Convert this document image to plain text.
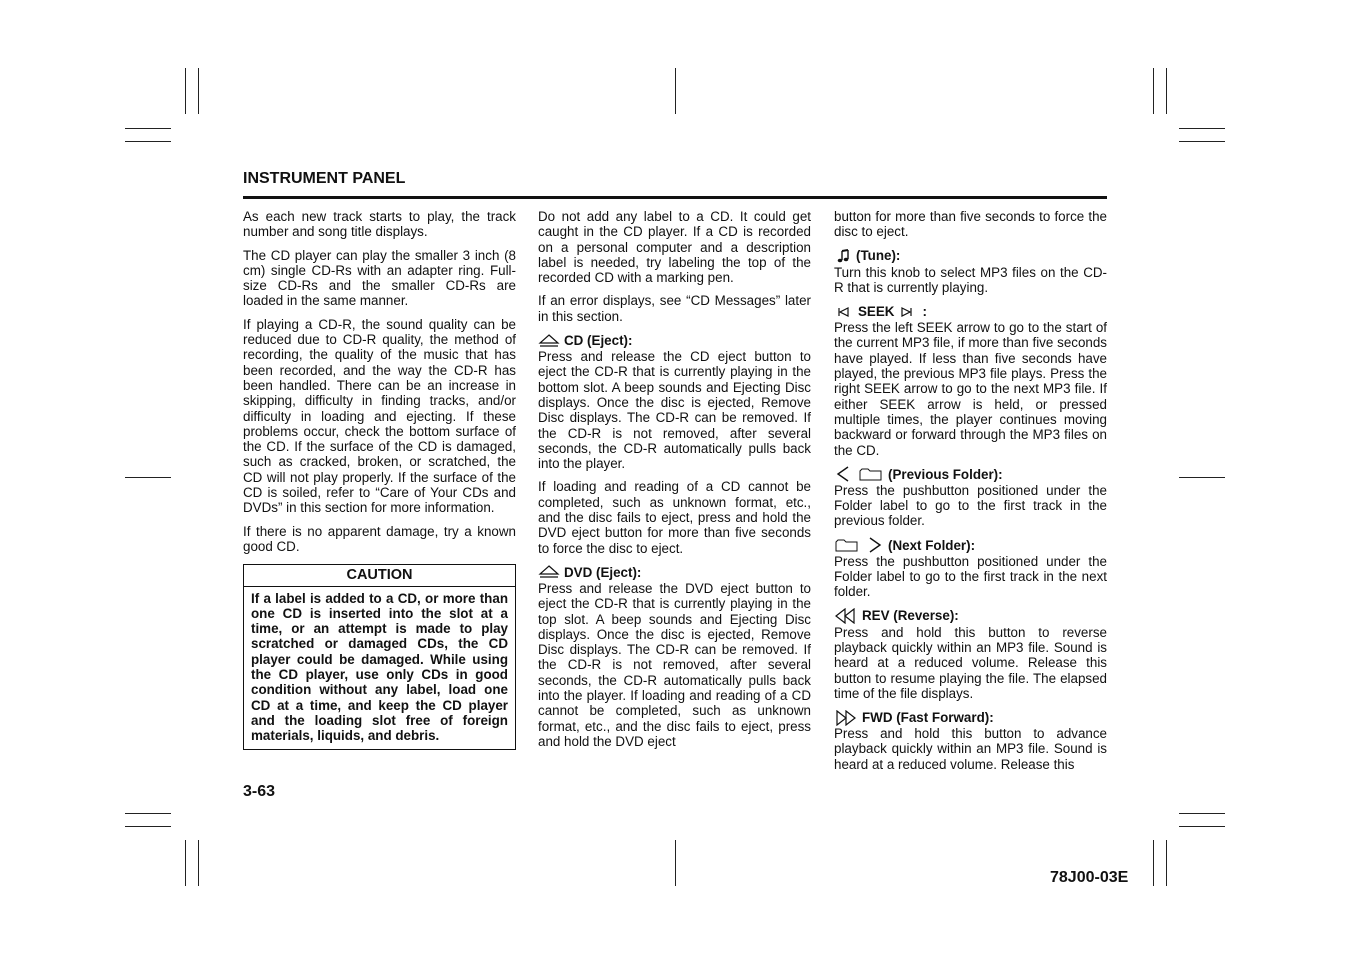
INSTRUMENT PANEL

As each new track starts to play, the track number and song title displays.

The CD player can play the smaller 3 inch (8 cm) single CD-Rs with an adapter ring. Full-size CD-Rs and the smaller CD-Rs are loaded in the same manner.

If playing a CD-R, the sound quality can be reduced due to CD-R quality, the method of recording, the quality of the music that has been recorded, and the way the CD-R has been handled. There can be an increase in skipping, difficulty in finding tracks, and/or difficulty in loading and ejecting. If these problems occur, check the bottom surface of the CD. If the surface of the CD is damaged, such as cracked, broken, or scratched, the CD will not play properly. If the surface of the CD is soiled, refer to “Care of Your CDs and DVDs” in this section for more information.

If there is no apparent damage, try a known good CD.

CAUTION
If a label is added to a CD, or more than one CD is inserted into the slot at a time, or an attempt is made to play scratched or damaged CDs, the CD player could be damaged. While using the CD player, use only CDs in good condition without any label, load one CD at a time, and keep the CD player and the loading slot free of foreign materials, liquids, and debris.

Do not add any label to a CD. It could get caught in the CD player. If a CD is recorded on a personal computer and a description label is needed, try labeling the top of the recorded CD with a marking pen.

If an error displays, see “CD Messages” later in this section.

CD (Eject):
Press and release the CD eject button to eject the CD-R that is currently playing in the bottom slot. A beep sounds and Ejecting Disc displays. Once the disc is ejected, Remove Disc displays. The CD-R can be removed. If the CD-R is not removed, after several seconds, the CD-R automatically pulls back into the player.

If loading and reading of a CD cannot be completed, such as unknown format, etc., and the disc fails to eject, press and hold the DVD eject button for more than five seconds to force the disc to eject.

DVD (Eject):
Press and release the DVD eject button to eject the CD-R that is currently playing in the top slot. A beep sounds and Ejecting Disc displays. Once the disc is ejected, Remove Disc displays. The CD-R can be removed. If the CD-R is not removed, after several seconds, the CD-R automatically pulls back into the player. If loading and reading of a CD cannot be completed, such as unknown format, etc., and the disc fails to eject, press and hold the DVD eject

button for more than five seconds to force the disc to eject.

(Tune):
Turn this knob to select MP3 files on the CD-R that is currently playing.
SEEK :
Press the left SEEK arrow to go to the start of the current MP3 file, if more than five seconds have played. If less than five seconds have played, the previous MP3 file plays. Press the right SEEK arrow to go to the next MP3 file. If either SEEK arrow is held, or pressed multiple times, the player continues moving backward or forward through the MP3 files on the CD.
(Previous Folder):
Press the pushbutton positioned under the Folder label to go to the first track in the previous folder.
(Next Folder):
Press the pushbutton positioned under the Folder label to go to the first track in the next folder.
REV (Reverse):
Press and hold this button to reverse playback quickly within an MP3 file. Sound is heard at a reduced volume. Release this button to resume playing the file. The elapsed time of the file displays.
FWD (Fast Forward):
Press and hold this button to advance playback quickly within an MP3 file. Sound is heard at a reduced volume. Release this
3-63
78J00-03E
